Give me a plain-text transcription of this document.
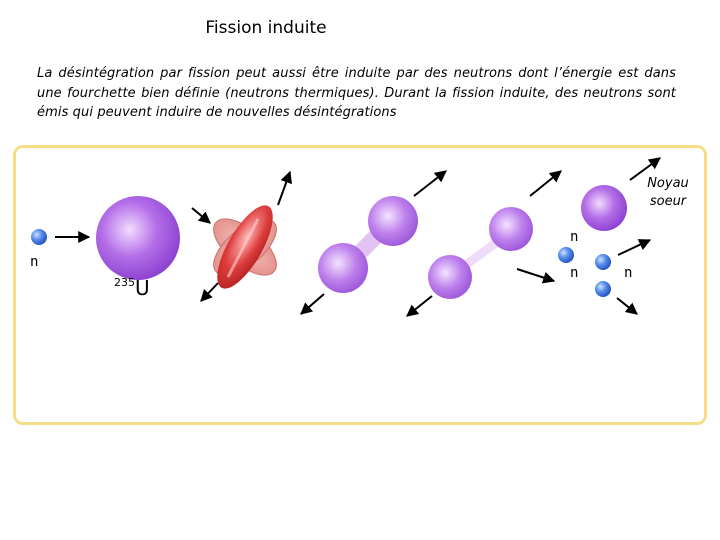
Fission induite
La désintégration par fission peut aussi être induite par des neutrons dont l’énergie est dans une fourchette bien définie (neutrons thermiques). Durant la fission induite, des neutrons sont émis qui peuvent induire de nouvelles désintégrations
n
$^{235}$U
n
n	n
Noyau soeur
